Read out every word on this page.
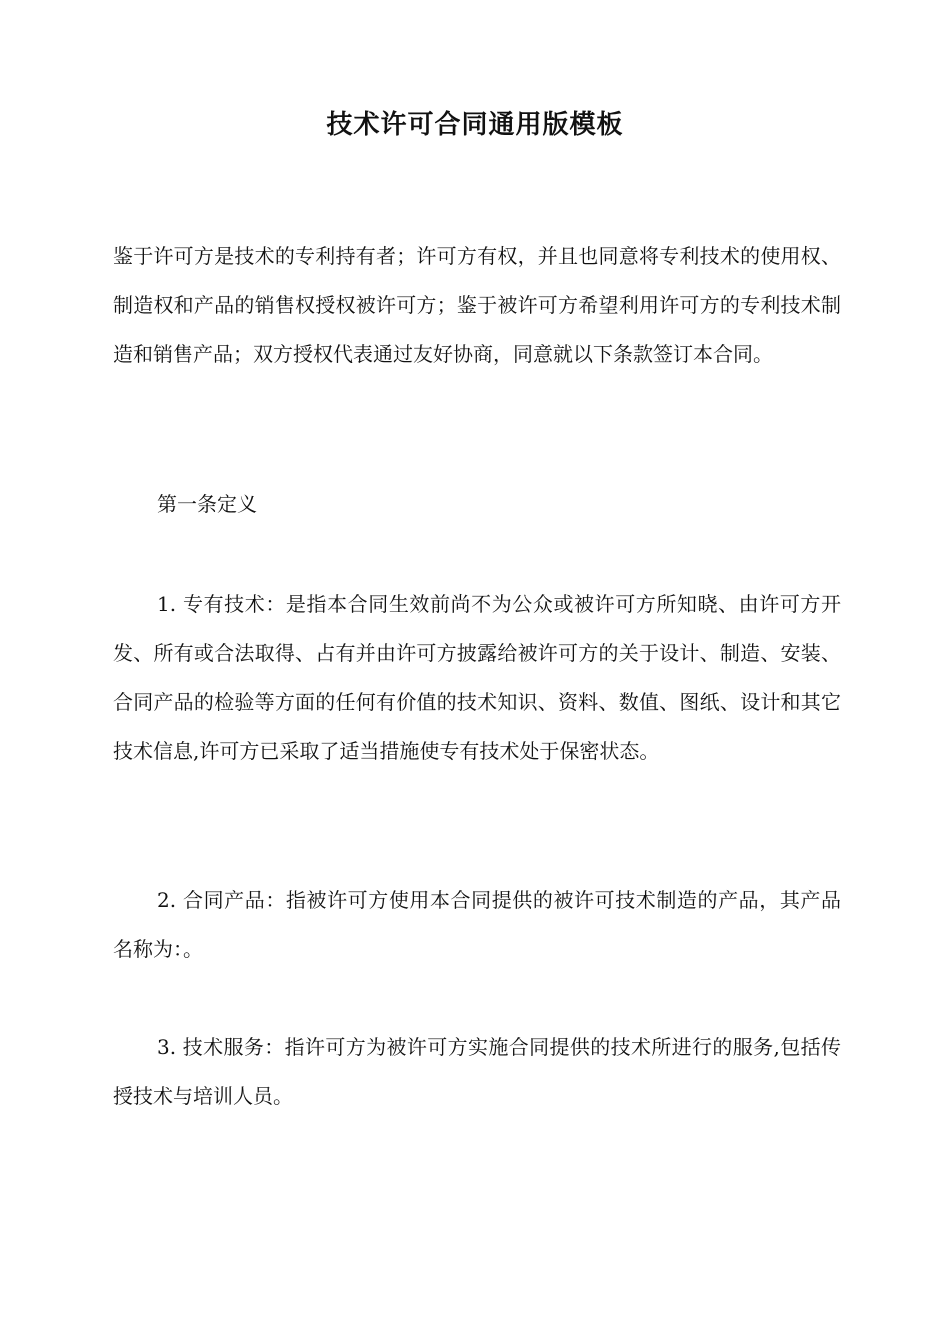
技术许可合同通用版模板

鉴于许可方是技术的专利持有者；许可方有权，并且也同意将专利技术的使用权、制造权和产品的销售权授权被许可方；鉴于被许可方希望利用许可方的专利技术制造和销售产品；双方授权代表通过友好协商，同意就以下条款签订本合同。

第一条定义

1. 专有技术：是指本合同生效前尚不为公众或被许可方所知晓、由许可方开发、所有或合法取得、占有并由许可方披露给被许可方的关于设计、制造、安装、合同产品的检验等方面的任何有价值的技术知识、资料、数值、图纸、设计和其它技术信息,许可方已采取了适当措施使专有技术处于保密状态。

2. 合同产品：指被许可方使用本合同提供的被许可技术制造的产品，其产品名称为：。

3. 技术服务：指许可方为被许可方实施合同提供的技术所进行的服务,包括传授技术与培训人员。
